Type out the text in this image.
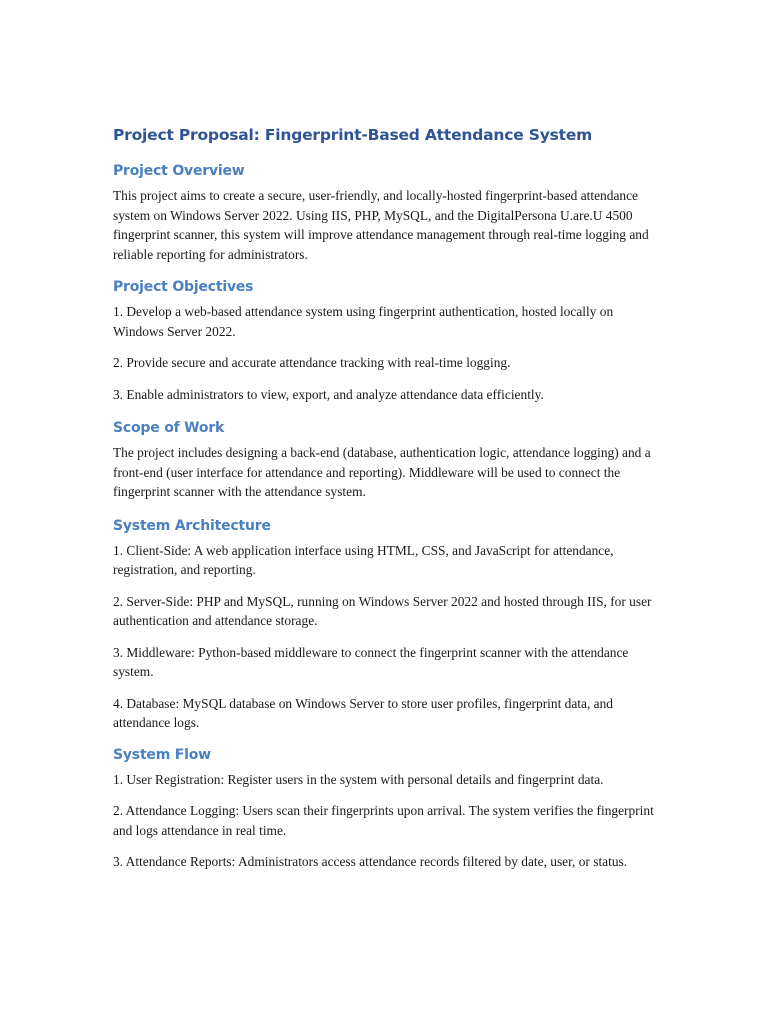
Project Proposal: Fingerprint-Based Attendance System
Project Overview

This project aims to create a secure, user-friendly, and locally-hosted fingerprint-based attendance system on Windows Server 2022. Using IIS, PHP, MySQL, and the DigitalPersona U.are.U 4500 fingerprint scanner, this system will improve attendance management through real-time logging and reliable reporting for administrators.

Project Objectives

1. Develop a web-based attendance system using fingerprint authentication, hosted locally on Windows Server 2022.

2. Provide secure and accurate attendance tracking with real-time logging.

3. Enable administrators to view, export, and analyze attendance data efficiently.

Scope of Work

The project includes designing a back-end (database, authentication logic, attendance logging) and a front-end (user interface for attendance and reporting). Middleware will be used to connect the fingerprint scanner with the attendance system.

System Architecture

1. Client-Side: A web application interface using HTML, CSS, and JavaScript for attendance, registration, and reporting.

2. Server-Side: PHP and MySQL, running on Windows Server 2022 and hosted through IIS, for user authentication and attendance storage.

3. Middleware: Python-based middleware to connect the fingerprint scanner with the attendance system.

4. Database: MySQL database on Windows Server to store user profiles, fingerprint data, and attendance logs.

System Flow

1. User Registration: Register users in the system with personal details and fingerprint data.

2. Attendance Logging: Users scan their fingerprints upon arrival. The system verifies the fingerprint and logs attendance in real time.

3. Attendance Reports: Administrators access attendance records filtered by date, user, or status.
